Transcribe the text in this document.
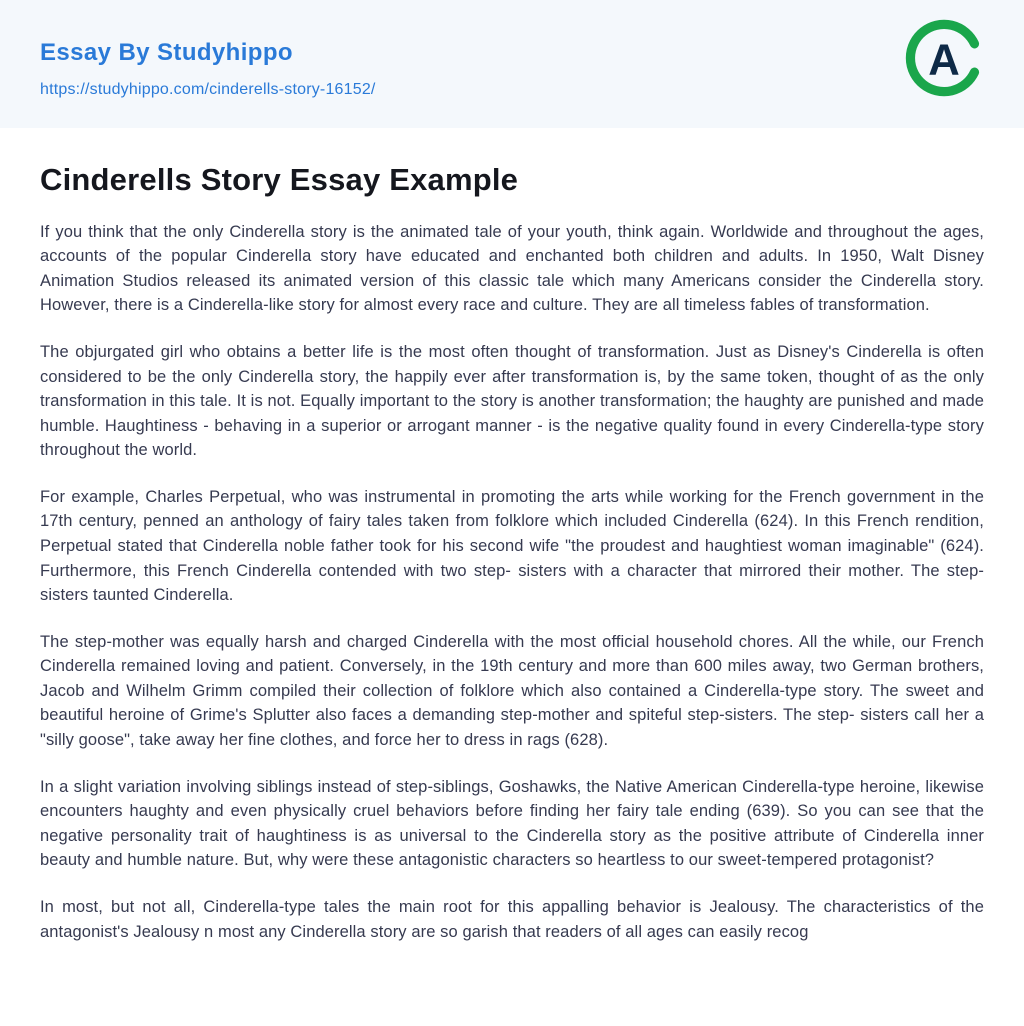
Essay By Studyhippo
https://studyhippo.com/cinderells-story-16152/
A
Cinderells Story Essay Example

If you think that the only Cinderella story is the animated tale of your youth, think again. Worldwide and throughout the ages, accounts of the popular Cinderella story have educated and enchanted both children and adults. In 1950, Walt Disney Animation Studios released its animated version of this classic tale which many Americans consider the Cinderella story. However, there is a Cinderella-like story for almost every race and culture. They are all timeless fables of transformation.

The objurgated girl who obtains a better life is the most often thought of transformation. Just as Disney's Cinderella is often considered to be the only Cinderella story, the happily ever after transformation is, by the same token, thought of as the only transformation in this tale. It is not. Equally important to the story is another transformation; the haughty are punished and made humble. Haughtiness - behaving in a superior or arrogant manner - is the negative quality found in every Cinderella-type story throughout the world.

For example, Charles Perpetual, who was instrumental in promoting the arts while working for the French government in the 17th century, penned an anthology of fairy tales taken from folklore which included Cinderella (624). In this French rendition, Perpetual stated that Cinderella noble father took for his second wife "the proudest and haughtiest woman imaginable" (624). Furthermore, this French Cinderella contended with two step- sisters with a character that mirrored their mother. The step-sisters taunted Cinderella.

The step-mother was equally harsh and charged Cinderella with the most official household chores. All the while, our French Cinderella remained loving and patient. Conversely, in the 19th century and more than 600 miles away, two German brothers, Jacob and Wilhelm Grimm compiled their collection of folklore which also contained a Cinderella-type story. The sweet and beautiful heroine of Grime's Splutter also faces a demanding step-mother and spiteful step-sisters. The step- sisters call her a "silly goose", take away her fine clothes, and force her to dress in rags (628).

In a slight variation involving siblings instead of step-siblings, Goshawks, the Native American Cinderella-type heroine, likewise encounters haughty and even physically cruel behaviors before finding her fairy tale ending (639). So you can see that the negative personality trait of haughtiness is as universal to the Cinderella story as the positive attribute of Cinderella inner beauty and humble nature. But, why were these antagonistic characters so heartless to our sweet-tempered protagonist?

In most, but not all, Cinderella-type tales the main root for this appalling behavior is Jealousy. The characteristics of the antagonist's Jealousy n most any Cinderella story are so garish that readers of all ages can easily recog
